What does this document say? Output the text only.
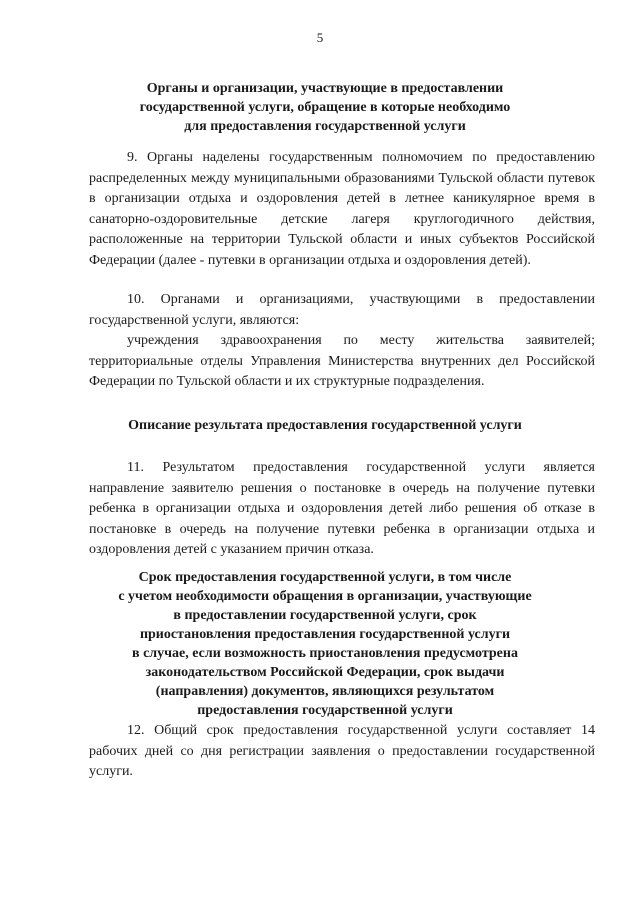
5
Органы и организации, участвующие в предоставлении
государственной услуги, обращение в которые необходимо
для предоставления государственной услуги

9. Органы наделены государственным полномочием по предоставлению распределенных между муниципальными образованиями Тульской области путевок в организации отдыха и оздоровления детей в летнее каникулярное время в санаторно-оздоровительные детские лагеря круглогодичного действия, расположенные на территории Тульской области и иных субъектов Российской Федерации (далее - путевки в организации отдыха и оздоровления детей).

10. Органами и организациями, участвующими в предоставлении государственной услуги, являются:

учреждения здравоохранения по месту жительства заявителей; территориальные отделы Управления Министерства внутренних дел Российской Федерации по Тульской области и их структурные подразделения.

Описание результата предоставления государственной услуги

11. Результатом предоставления государственной услуги является направление заявителю решения о постановке в очередь на получение путевки ребенка в организации отдыха и оздоровления детей либо решения об отказе в постановке в очередь на получение путевки ребенка в организации отдыха и оздоровления детей с указанием причин отказа.

Срок предоставления государственной услуги, в том числе
с учетом необходимости обращения в организации, участвующие
в предоставлении государственной услуги, срок
приостановления предоставления государственной услуги
в случае, если возможность приостановления предусмотрена
законодательством Российской Федерации, срок выдачи
(направления) документов, являющихся результатом
предоставления государственной услуги

12. Общий срок предоставления государственной услуги составляет 14 рабочих дней со дня регистрации заявления о предоставлении государственной услуги.
